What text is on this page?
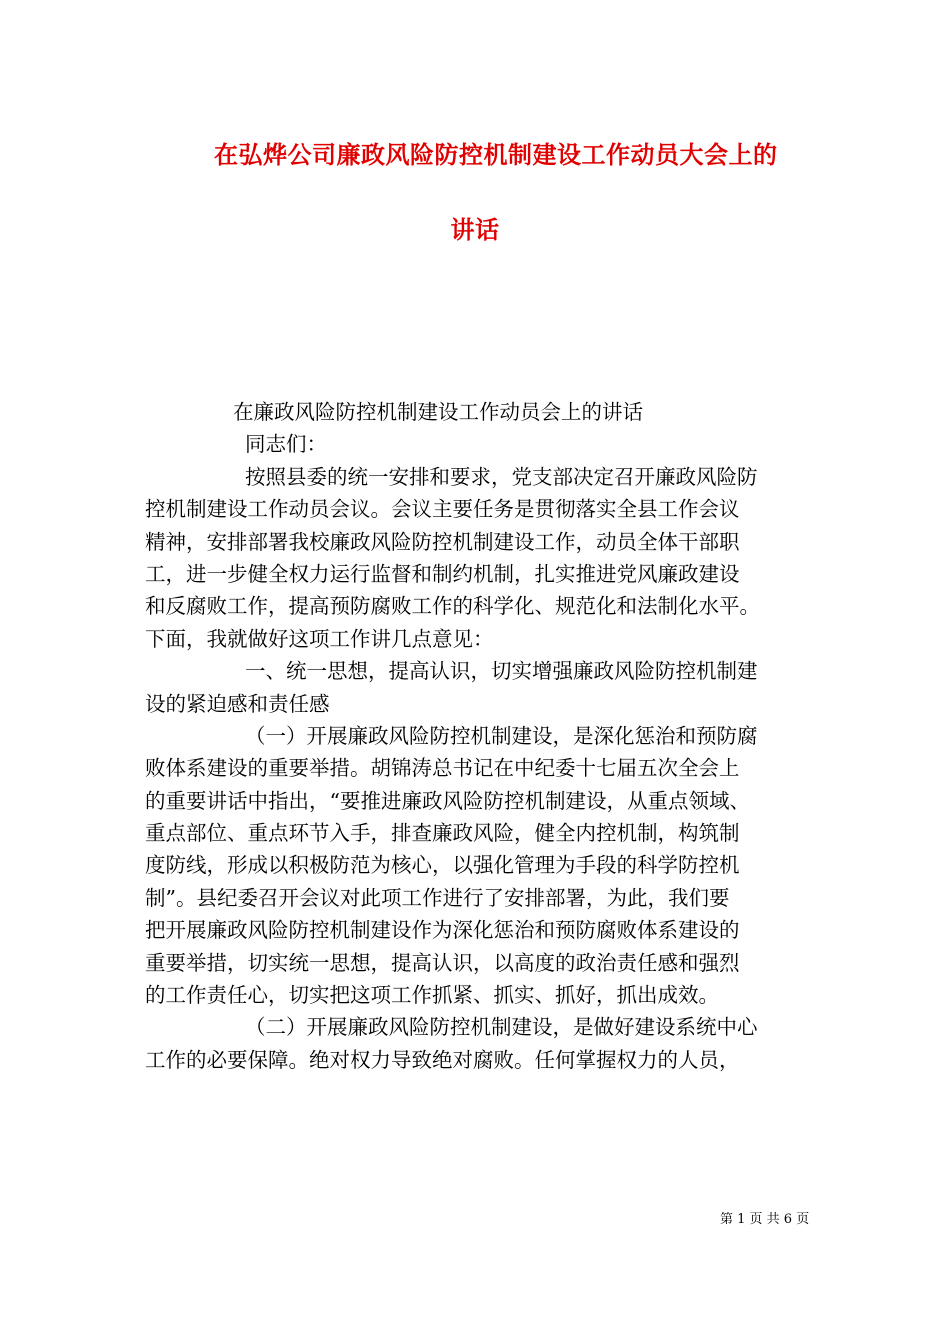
在弘烨公司廉政风险防控机制建设工作动员大会上的
讲话
在廉政风险防控机制建设工作动员会上的讲话
同志们：
按照县委的统一安排和要求，党支部决定召开廉政风险防
控机制建设工作动员会议。会议主要任务是贯彻落实全县工作会议
精神，安排部署我校廉政风险防控机制建设工作，动员全体干部职
工，进一步健全权力运行监督和制约机制，扎实推进党风廉政建设
和反腐败工作，提高预防腐败工作的科学化、规范化和法制化水平。
下面，我就做好这项工作讲几点意见：
一、统一思想，提高认识，切实增强廉政风险防控机制建
设的紧迫感和责任感
（一）开展廉政风险防控机制建设，是深化惩治和预防腐
败体系建设的重要举措。胡锦涛总书记在中纪委十七届五次全会上
的重要讲话中指出，“要推进廉政风险防控机制建设，从重点领域、
重点部位、重点环节入手，排查廉政风险，健全内控机制，构筑制
度防线，形成以积极防范为核心，以强化管理为手段的科学防控机
制”。县纪委召开会议对此项工作进行了安排部署，为此，我们要
把开展廉政风险防控机制建设作为深化惩治和预防腐败体系建设的
重要举措，切实统一思想，提高认识，以高度的政治责任感和强烈
的工作责任心，切实把这项工作抓紧、抓实、抓好，抓出成效。
（二）开展廉政风险防控机制建设，是做好建设系统中心
工作的必要保障。绝对权力导致绝对腐败。任何掌握权力的人员，
第 1 页 共 6 页
